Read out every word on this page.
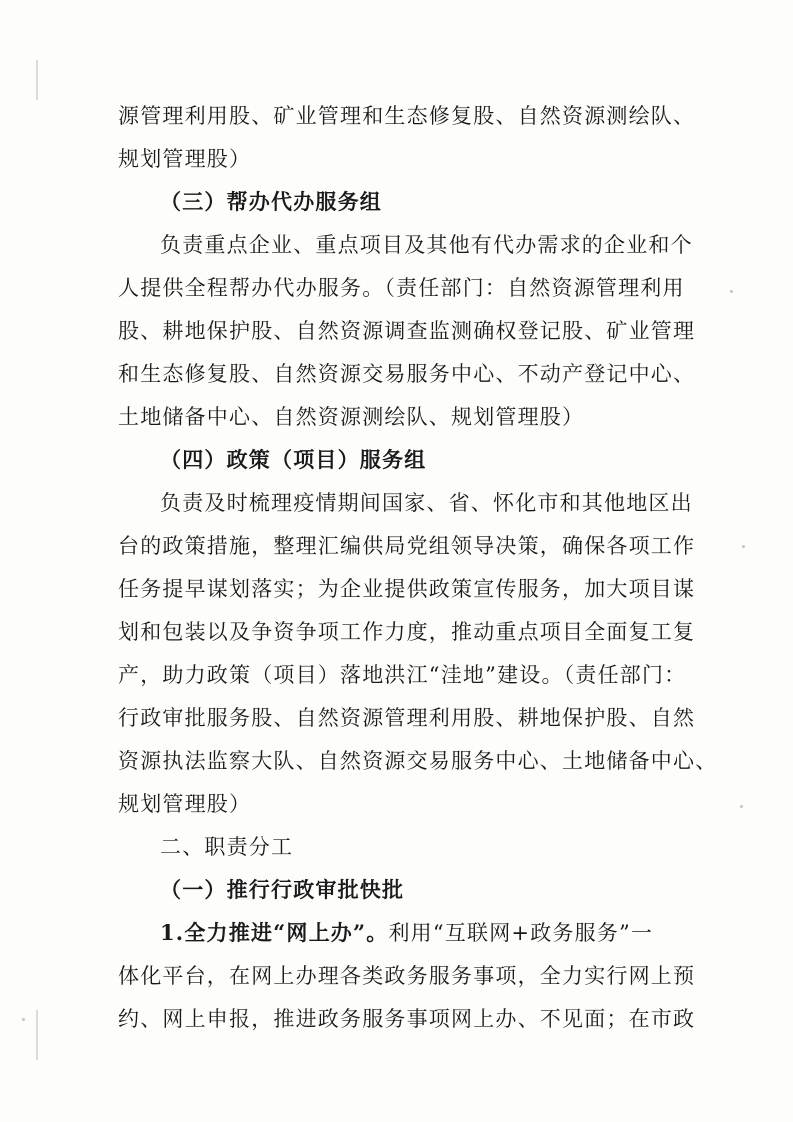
源管理利用股、矿业管理和生态修复股、自然资源测绘队、
规划管理股）
（三）帮办代办服务组
负责重点企业、重点项目及其他有代办需求的企业和个
人提供全程帮办代办服务。（责任部门：自然资源管理利用
股、耕地保护股、自然资源调查监测确权登记股、矿业管理
和生态修复股、自然资源交易服务中心、不动产登记中心、
土地储备中心、自然资源测绘队、规划管理股）
（四）政策（项目）服务组
负责及时梳理疫情期间国家、省、怀化市和其他地区出
台的政策措施，整理汇编供局党组领导决策，确保各项工作
任务提早谋划落实；为企业提供政策宣传服务，加大项目谋
划和包装以及争资争项工作力度，推动重点项目全面复工复
产，助力政策（项目）落地洪江“洼地”建设。（责任部门：
行政审批服务股、自然资源管理利用股、耕地保护股、自然
资源执法监察大队、自然资源交易服务中心、土地储备中心、
规划管理股）
二、职责分工
（一）推行行政审批快批
1.全力推进“网上办”。利用“互联网+政务服务”一
体化平台，在网上办理各类政务服务事项，全力实行网上预
约、网上申报，推进政务服务事项网上办、不见面；在市政
